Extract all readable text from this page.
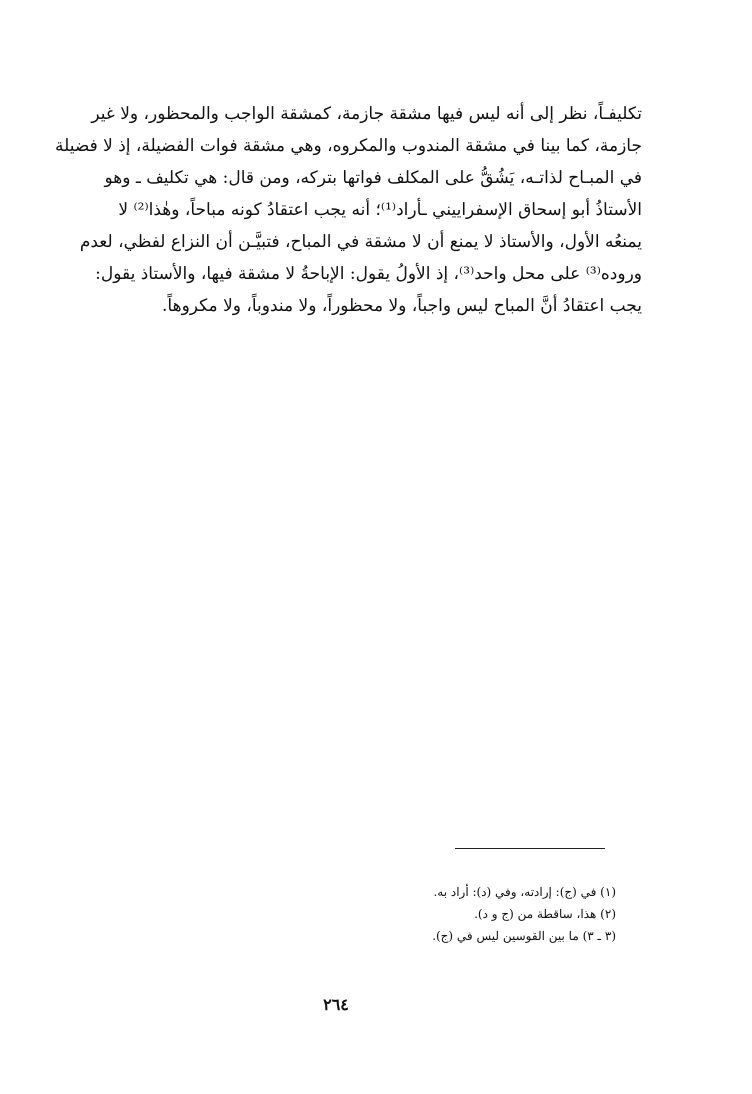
تكليفـاً، نظر إلى أنه ليس فيها مشقة جازمة، كمشقة الواجب والمحظور، ولا غير
جازمة، كما بينا في مشقة المندوب والمكروه، وهي مشقة فوات الفضيلة، إذ لا فضيلة
في المبـاح لذاتـه، يَشُقُّ على المكلف فواتها بتركه، ومن قال: هي تكليف ـ وهو
الأستاذُ أبو إسحاق الإسفراييني ـأراد⁽¹⁾؛ أنه يجب اعتقادُ كونه مباحاً، وهٰذا⁽²⁾ لا
يمنعُه الأول، والأستاذ لا يمنع أن لا مشقة في المباح، فتبيَّـن أن النزاع لفظي، لعدم
وروده⁽³⁾ على محل واحد⁽³⁾، إذ الأولُ يقول: الإباحةُ لا مشقة فيها، والأستاذ يقول:
يجب اعتقادُ أنَّ المباح ليس واجباً، ولا محظوراً، ولا مندوباً، ولا مكروهاً.
(١) في (ج): إرادته، وفي (د): أراد به.
(٢) هذا، ساقطة من (ج و د).
(٣ ـ ٣) ما بين القوسين ليس في (ج).
٢٦٤
